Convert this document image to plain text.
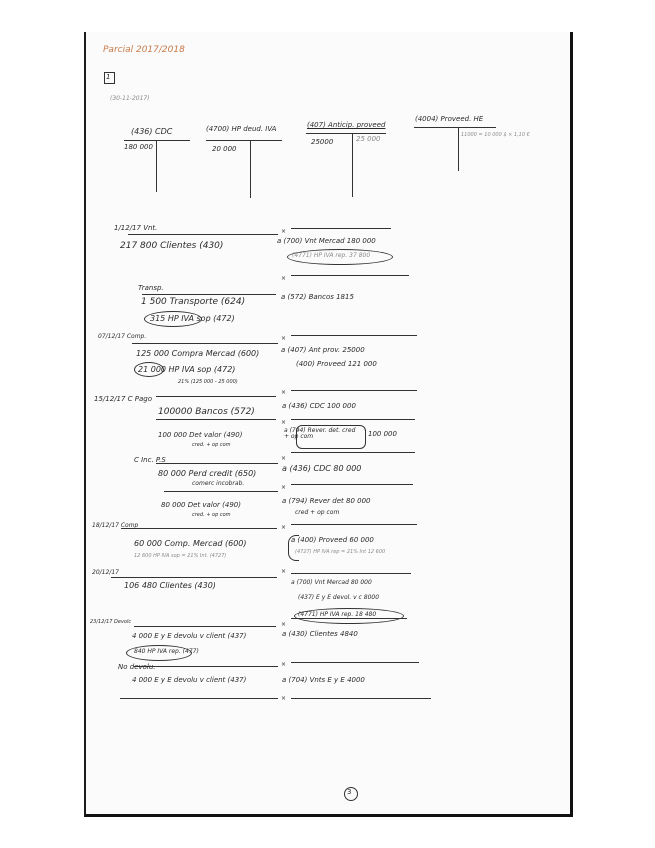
Parcial 2017/2018
1
(30-11-2017)
(436) CDC
180 000
(4700) HP deud. IVA
20 000
(407) Anticip. proveed
25000	25 000
(4004) Proveed. HE
11000 = 10 000 $ × 1,10 €
×
×
×
×
×
×
×
×
×
×
×
×
1/12/17 Vnt.
217 800 Clientes (430)	a (700) Vnt Mercad 180 000
(4771) HP IVA rep. 37 800
Transp.
1 500 Transporte (624)	a (572) Bancos 1815
315 HP IVA sop (472)
07/12/17 Comp.
125 000 Compra Mercad (600)	a (407) Ant prov. 25000
21 000 HP IVA sop (472)
(400) Proveed 121 000
21% (125 000 - 25 000)
15/12/17 C Pago
100000 Bancos (572)
a (436) CDC 100 000
100 000 Det valor (490)
cred. + op com
a (794) Rever. det. cred + op com	100 000
C Inc. P.S
80 000 Perd credit (650)
comerc incobrab.
a (436) CDC 80 000
80 000 Det valor (490)
cred. + op com
a (794) Rever det 80 000
cred + op com
18/12/17 Comp
60 000 Comp. Mercad (600)	a (400) Proveed 60 000
12 600 HP IVA sop = 21% Int. (4727)
(4727) HP IVA rep = 21% Int 12 600
20/12/17
106 480 Clientes (430)	a (700) Vnt Mercad 80 000
(437) E y E devol. v c 8000
(4771) HP IVA rep. 18 480
23/12/17 Devolc
4 000 E y E devolu v client (437)	a (430) Clientes 4840
840 HP IVA rep. (477)
No devolu.
4 000 E y E devolu v client (437)	a (704) Vnts E y E 4000
3
